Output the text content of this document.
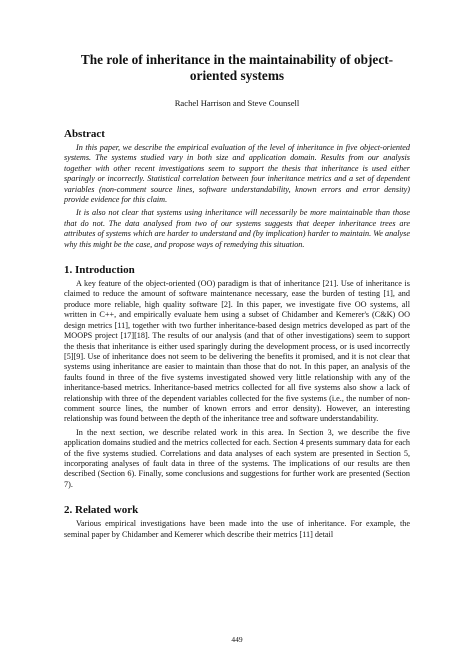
The role of inheritance in the maintainability of object-oriented systems
Rachel Harrison and Steve Counsell
Abstract

In this paper, we describe the empirical evaluation of the level of inheritance in five object-oriented systems. The systems studied vary in both size and application domain. Results from our analysis together with other recent investigations seem to support the thesis that inheritance is used either sparingly or incorrectly. Statistical correlation between four inheritance metrics and a set of dependent variables (non-comment source lines, software understandability, known errors and error density) provide evidence for this claim.

It is also not clear that systems using inheritance will necessarily be more maintainable than those that do not. The data analysed from two of our systems suggests that deeper inheritance trees are attributes of systems which are harder to understand and (by implication) harder to maintain. We analyse why this might be the case, and propose ways of remedying this situation.

1. Introduction

A key feature of the object-oriented (OO) paradigm is that of inheritance [21]. Use of inheritance is claimed to reduce the amount of software maintenance necessary, ease the burden of testing [1], and produce more reliable, high quality software [2]. In this paper, we investigate five OO systems, all written in C++, and empirically evaluate hem using a subset of Chidamber and Kemerer's (C&K) OO design metrics [11], together with two further inheritance-based design metrics developed as part of the MOOPS project [17][18]. The results of our analysis (and that of other investigations) seem to support the thesis that inheritance is either used sparingly during the development process, or is used incorrectly [5][9]. Use of inheritance does not seem to be delivering the benefits it promised, and it is not clear that systems using inheritance are easier to maintain than those that do not. In this paper, an analysis of the faults found in three of the five systems investigated showed very little relationship with any of the inheritance-based metrics. Inheritance-based metrics collected for all five systems also show a lack of relationship with three of the dependent variables collected for the five systems (i.e., the number of non-comment source lines, the number of known errors and error density). However, an interesting relationship was found between the depth of the inheritance tree and software understandability.

In the next section, we describe related work in this area. In Section 3, we describe the five application domains studied and the metrics collected for each. Section 4 presents summary data for each of the five systems studied. Correlations and data analyses of each system are presented in Section 5, incorporating analyses of fault data in three of the systems. The implications of our results are then described (Section 6). Finally, some conclusions and suggestions for further work are presented (Section 7).

2. Related work

Various empirical investigations have been made into the use of inheritance. For example, the seminal paper by Chidamber and Kemerer which describe their metrics [11] detail

449
